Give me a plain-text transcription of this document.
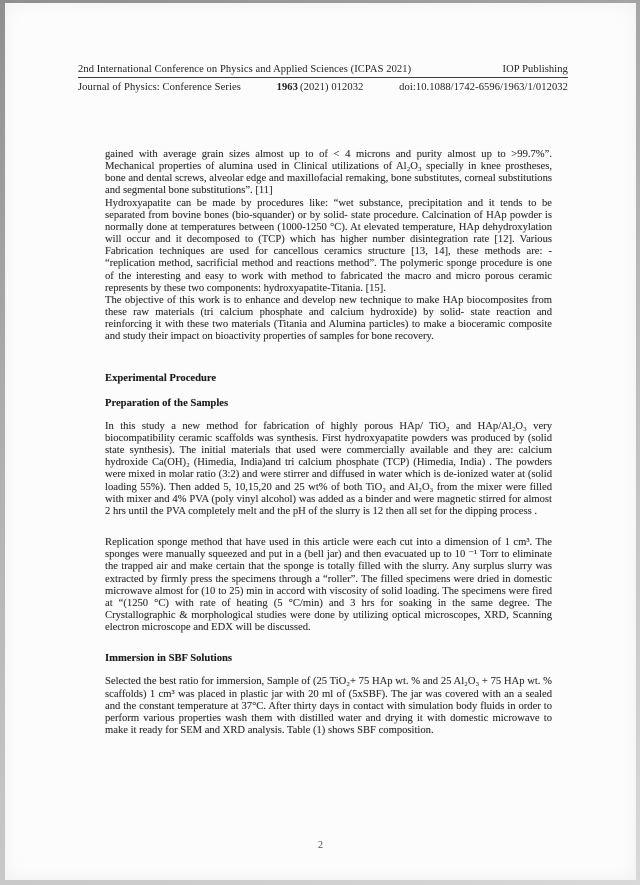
2nd International Conference on Physics and Applied Sciences (ICPAS 2021)	IOP Publishing
Journal of Physics: Conference Series	1963 (2021) 012032	doi:10.1088/1742-6596/1963/1/012032

gained with average grain sizes almost up to of < 4 microns and purity almost up to >99.7%”. Mechanical properties of alumina used in Clinical utilizations of Al₂O₃ specially in knee prostheses, bone and dental screws, alveolar edge and maxillofacial remaking, bone substitutes, corneal substitutions and segmental bone substitutions”. [11]

Hydroxyapatite can be made by procedures like: “wet substance, precipitation and it tends to be separated from bovine bones (bio-squander) or by solid- state procedure. Calcination of HAp powder is normally done at temperatures between (1000-1250 °C). At elevated temperature, HAp dehydroxylation will occur and it decomposed to (TCP) which has higher number disintegration rate [12]. Various Fabrication techniques are used for cancellous ceramics structure [13, 14], these methods are: - “replication method, sacrificial method and reactions method”. The polymeric sponge procedure is one of the interesting and easy to work with method to fabricated the macro and micro porous ceramic represents by these two components: hydroxyapatite-Titania. [15].

The objective of this work is to enhance and develop new technique to make HAp biocomposites from these raw materials (tri calcium phosphate and calcium hydroxide) by solid- state reaction and reinforcing it with these two materials (Titania and Alumina particles) to make a bioceramic composite and study their impact on bioactivity properties of samples for bone recovery.

Experimental Procedure

Preparation of the Samples

In this study a new method for fabrication of highly porous HAp/ TiO₂ and HAp/Al₂O₃ very biocompatibility ceramic scaffolds was synthesis. First hydroxyapatite powders was produced by (solid state synthesis). The initial materials that used were commercially available and they are: calcium hydroxide Ca(OH)₂ (Himedia, India)and tri calcium phosphate (TCP) (Himedia, India) . The powders were mixed in molar ratio (3:2) and were stirrer and diffused in water which is de-ionized water at (solid loading 55%). Then added 5, 10,15,20 and 25 wt% of both TiO₂ and Al₂O₃ from the mixer were filled with mixer and 4% PVA (poly vinyl alcohol) was added as a binder and were magnetic stirred for almost 2 hrs until the PVA completely melt and the pH of the slurry is 12 then all set for the dipping process .

Replication sponge method that have used in this article were each cut into a dimension of 1 cm³. The sponges were manually squeezed and put in a (bell jar) and then evacuated up to 10 ⁻¹ Torr to eliminate the trapped air and make certain that the sponge is totally filled with the slurry. Any surplus slurry was extracted by firmly press the specimens through a “roller”. The filled specimens were dried in domestic microwave almost for (10 to 25) min in accord with viscosity of solid loading. The specimens were fired at “(1250 °C) with rate of heating (5 °C/min) and 3 hrs for soaking in the same degree. The Crystallographic & morphological studies were done by utilizing optical microscopes, XRD, Scanning electron microscope and EDX will be discussed.

Immersion in SBF Solutions

Selected the best ratio for immersion, Sample of (25 TiO₂+ 75 HAp wt. % and 25 Al₂O₃ + 75 HAp wt. % scaffolds) 1 cm³ was placed in plastic jar with 20 ml of (5xSBF). The jar was covered with an a sealed and the constant temperature at 37°C. After thirty days in contact with simulation body fluids in order to perform various properties wash them with distilled water and drying it with domestic microwave to make it ready for SEM and XRD analysis. Table (1) shows SBF composition.

2
